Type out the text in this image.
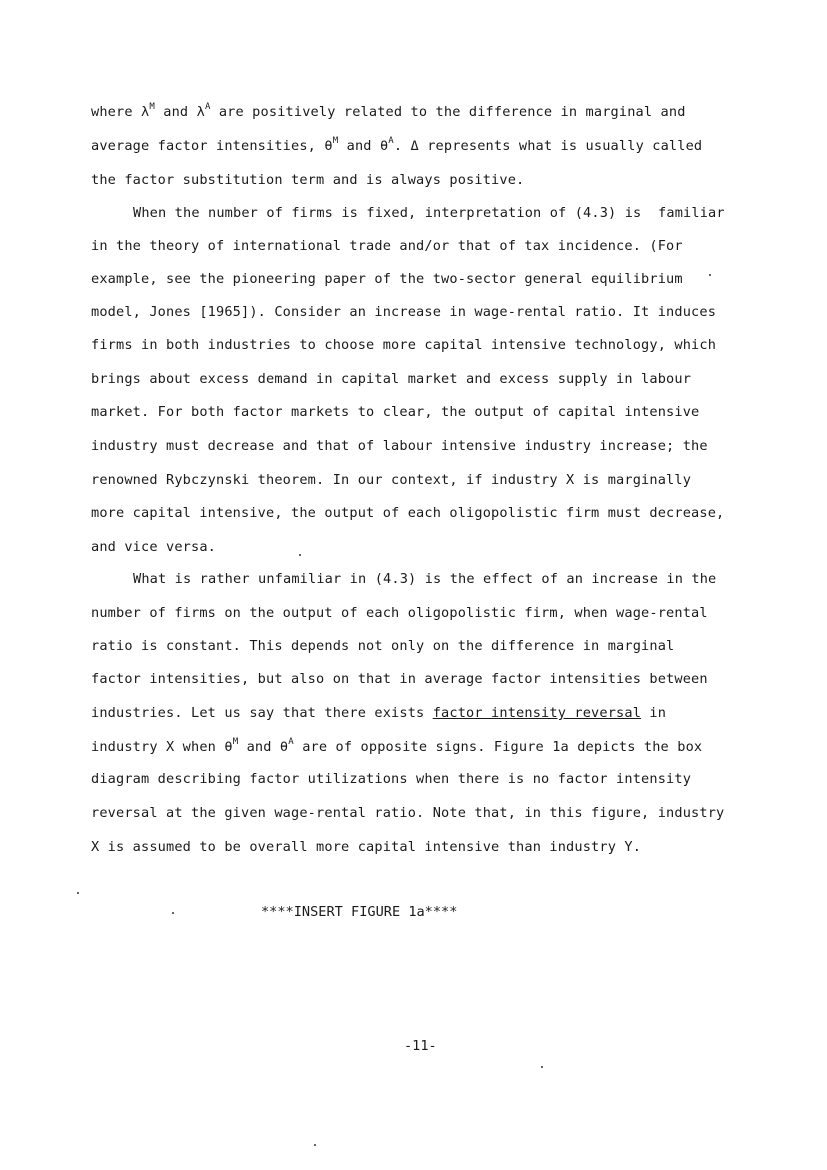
where $\lambda^M$ and $\lambda^A$ are positively related to the difference in marginal and
average factor intensities, $\theta^M$ and $\theta^A$. Δ represents what is usually called
the factor substitution term and is always positive.
When the number of firms is fixed, interpretation of (4.3) is  familiar
in the theory of international trade and/or that of tax incidence. (For
example, see the pioneering paper of the two-sector general equilibrium
model, Jones [1965]). Consider an increase in wage-rental ratio. It induces
firms in both industries to choose more capital intensive technology, which
brings about excess demand in capital market and excess supply in labour
market. For both factor markets to clear, the output of capital intensive
industry must decrease and that of labour intensive industry increase; the
renowned Rybczynski theorem. In our context, if industry X is marginally
more capital intensive, the output of each oligopolistic firm must decrease,
and vice versa.
What is rather unfamiliar in (4.3) is the effect of an increase in the
number of firms on the output of each oligopolistic firm, when wage-rental
ratio is constant. This depends not only on the difference in marginal
factor intensities, but also on that in average factor intensities between
industries. Let us say that there exists factor intensity reversal in
industry X when $\theta^M$ and $\theta^A$ are of opposite signs. Figure 1a depicts the box
diagram describing factor utilizations when there is no factor intensity
reversal at the given wage-rental ratio. Note that, in this figure, industry
X is assumed to be overall more capital intensive than industry Y.
****INSERT FIGURE 1a****
-11-
